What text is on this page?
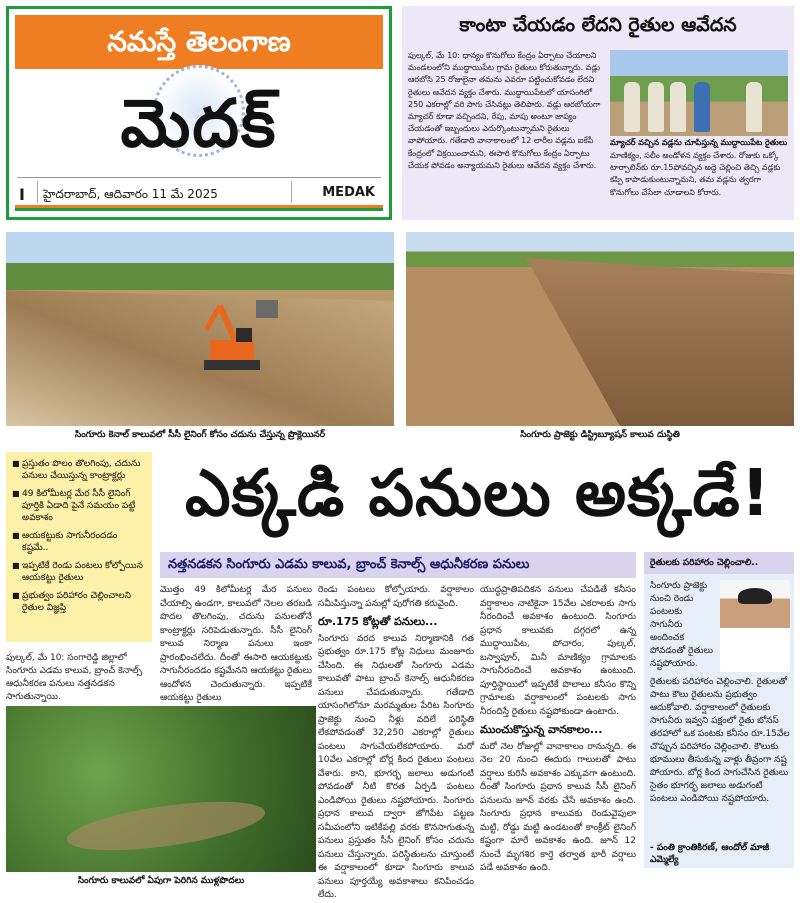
నమస్తే తెలంగాణ
మెదక్
I హైదరాబాద్, ఆదివారం 11 మే 2025	MEDAK
కాంటా చేయడం లేదని రైతుల ఆవేదన
పుల్కల్, మే 10: ధాన్యం కొనుగోలు కేంద్రం ఏర్పాటు చేయాలని మండలంలోని ముద్దాయిపేట గ్రామ రైతులు కోరుతున్నారు. వడ్లు ఆరబోసి 25 రోజులైనా తమను ఎవరూ పట్టించుకోవడం లేదని రైతులు ఆవేదన వ్యక్తం చేశారు. ముద్దాయిపేటలో యాసంగిలో 250 ఎకరాల్లో వరి సాగు చేసినట్లు తెలిపారు. వడ్లు ఆరబోయగా మ్యాచర్ కూడా వచ్చిందని, రేపు, మాపు అంటూ జాప్యం చేయడంతో ఇబ్బందులు ఎదుర్కొంటున్నామని రైతులు వాపోయారు. గతేడాది వానాకాలంలో 12 లారీల వడ్లను ఐకేపీ కేంద్రంలో విక్రయించామని, ఈసారి కొనుగోలు కేంద్రం ఏర్పాటు చేయక పోవడం అన్యాయమని రైతులు ఆవేదన వ్యక్తం చేశారు.
మ్యాచర్ వచ్చిన వడ్లను చూపిస్తున్న ముద్దాయిపేట రైతులు
మాణిక్యం, సలీం అండోళన వ్యక్తం చేశారు. రోజుకు ఒక్కో టార్పాలిన్‌కు రూ.15పోవచ్చిన అద్దె చెల్లించి తెచ్చి వడ్లకు కప్పి కాపాడుకుంటున్నామని, తమ వడ్లను త్వరగా కొనుగోలు చేసేలా చూడాలని కోరారు.
సింగూరు కెనాల్ కాలువలో సీసీ లైనింగ్ కోసం చదును చేస్తున్న ప్రొక్లెయినర్	సింగూరు ప్రాజెక్టు డిస్ట్రిబ్యూషన్ కాలువ దుస్థితి
■ ప్రస్తుతం పొలం తొలగింపు, చదును పనులు చేయిస్తున్న కాంట్రాక్టర్లు
■ 49 కిలోమీటర్ల మేర సీసీ లైనింగ్ పూర్తికి ఏడాది పైనే సమయం పట్టే అవకాశం
■ ఆయకట్టుకు సాగునీరందడం కష్టమే..
■ ఇప్పటికే రెండు పంటలు కోల్పోయిన ఆయకట్టు రైతులు
■ ప్రభుత్వం పరిహారం చెల్లించాలని రైతుల విజ్ఞప్తి
ఎక్కడి పనులు అక్కడే!
నత్తనడకన సింగూరు ఎడమ కాలువ, బ్రాంచ్ కెనాల్స్ ఆధునీకరణ పనులు
పుల్కల్, మే 10: సంగారెడ్డి జిల్లాలో సింగూరు ఎడమ కాలువ, బ్రాంచ్ కెనాల్స్ ఆధునీకరణ పనులు నత్తనడకన సాగుతున్నాయి.
మొత్తం 49 కిలోమీటర్ల మేర పనులు చేయాల్సి ఉండగా, కాలువలో నెలల తరబడి పొదల తొలగింపు, చదును పనులతోనే కాంట్రాక్టర్లు సరిపెడుతున్నారు. సీసీ లైనింగ్ కాలువ నిర్మాణ పనులు ఇంకా ప్రారంభించలేదు. దీంతో ఈసారి ఆయకట్టుకు సాగునీరందడం కష్టమేనని ఆయకట్టు రైతులు ఆందోళన చెందుతున్నారు. ఇప్పటికే ఆయకట్టు రైతులు
రెండు పంటలు కోల్పోయారు. వర్షాకాలం సమీపిస్తున్నా పనుల్లో పురోగతి కరువైంది.
రూ.175 కోట్లతో పనులు...
సింగూరు వరద కాలువ నిర్మాణానికి గత ప్రభుత్వం రూ.175 కోట్ల నిధులు మంజూరు చేసింది. ఈ నిధులతో సింగూరు ఎడమ కాలువతో పాటు బ్రాంచ్ కెనాల్స్ ఆధునీకరణ పనులు చేపడుతున్నారు. గతేడాది యాసంగిలోనూ మరమ్మతుల పేరిట సింగూరు ప్రాజెక్టు నుంచి నీళ్లు వదిలే పరిస్థితి లేకపోవడంతో 32,250 ఎకరాల్లో రైతులు పంటలు సాగుచేయలేకపోయారు. మరో 10వేల ఎకరాల్లో బోర్ల కింద రైతులు పంటలు వేశారు. కాని, భూగర్భ జలాలు అడుగంటి పోవడంతో నీటి కొరత ఏర్పడి పంటలు ఎండిపోయి రైతులు నష్టపోయారు. సింగూరు ప్రధాన కాలువ ద్వారా జోగిపేట పట్టణ సమీపంలోని ఇటికేపల్లి వరకు కొనసాగుతున్న పనులు ప్రస్తుతం సీసీ లైనింగ్ కోసం చదును పనులు చేస్తున్నారు. పరిస్థితులను చూస్తుంటే ఈ వర్షాకాలంలో కూడా సింగూరు కాలువ పనులు పూర్తయ్యే అవకాశాలు కనిపించడం లేదు.
యుద్ధప్రాతిపదికన పనులు చేపడితే కనీసం వర్షాకాలం నాటికైనా 15వేల ఎకరాలకు సాగు నీరందించే అవకాశం ఉంటుంది. సింగూరు ప్రధాన కాలువకు దగ్గరలో ఉన్న ముద్దాయిపేట, పోచారం, పుల్కల్, బస్వాపూర్, మినీ మాణిక్యం గ్రామాలకు సాగునీరందించే అవకాశం ఉంటుంది. పూర్తిస్థాయిలో ఇప్పటికే పొలాలు కనీసం కొన్ని గ్రామాలకు వర్షాకాలంలో పంటలకు సాగు నీరందిస్తే రైతులు నష్టపోకుండా ఉంటారు.
ముంచుకొస్తున్న వానకాలం...
మరో నెల రోజుల్లో వానాకాలం రానున్నది. ఈ నెల 20 నుంచి ఈదురు గాలులతో పాటు వర్షాలు కురిసే అవకాశం ఎక్కువగా ఉంటుంది. దీంతో సింగూరు ప్రధాన కాలువ సీసీ లైనింగ్ పనులను జూన్ వరకు చేసే అవకాశం ఉంది. సింగూరు ప్రధాన కాలువకు రెండువైపులా మట్టి, రోడ్డు మట్టి ఉండటంతో కాంక్రీట్ లైనింగ్ కష్టంగా మారే అవకాశం ఉంది. జూన్ 12 నుంచే మృగశిర కార్తె తర్వాత భారీ వర్షాలు పడే అవకాశం ఉంది.
సింగూరు కాలువలో ఏపుగా పెరిగిన ముళ్లపొదలు
రైతులకు పరిహారం చెల్లించాలి..
సింగూరు ప్రాజెక్టు నుంచి రెండు పంటలకు సాగునీరు అందించక పోవడంతో రైతులు నష్టపోయారు.
రైతులకు పరిహారం చెల్లించాలి. రైతులతో పాటు కౌలు రైతులను ప్రభుత్వం ఆదుకోవాలి. వర్షాకాలంలో రైతులకు సాగునీరు ఇవ్వని పక్షంలో రైతు బోనస్ తరహాలో ఒక పంటకు కనీసం రూ.15వేల చొప్పున పరిహారం చెల్లించాలి. కౌలుకు భూములు తీసుకున్న వాళ్లు తీవ్రంగా నష్ట పోయారు. బోర్ల కింద సాగుచేసిన రైతులు సైతం భూగర్భ జలాలు అడుగంటి పంటలు ఎండిపోయి నష్టపోయారు.
- పంతి క్రాంతికిరణ్, ఆందోల్ మాజీ ఎమ్మెల్యే
